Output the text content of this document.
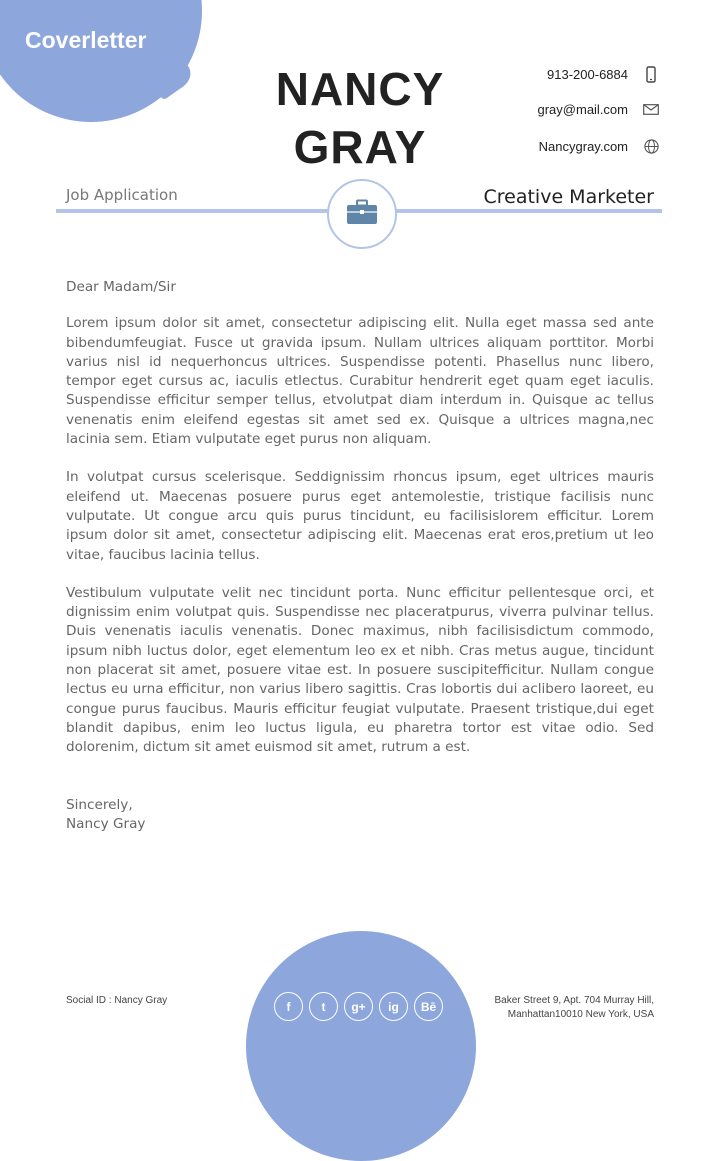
Coverletter
NANCY
GRAY
913-200-6884
gray@mail.com
Nancygray.com
Job Application	Creative Marketer

Dear Madam/Sir

Lorem ipsum dolor sit amet, consectetur adipiscing elit. Nulla eget massa sed ante bibendumfeugiat. Fusce ut gravida ipsum. Nullam ultrices aliquam porttitor. Morbi varius nisl id nequerhoncus ultrices. Suspendisse potenti. Phasellus nunc libero, tempor eget cursus ac, iaculis etlectus. Curabitur hendrerit eget quam eget iaculis. Suspendisse efficitur semper tellus, etvolutpat diam interdum in. Quisque ac tellus venenatis enim eleifend egestas sit amet sed ex. Quisque a ultrices magna,nec lacinia sem. Etiam vulputate eget purus non aliquam.

In volutpat cursus scelerisque. Seddignissim rhoncus ipsum, eget ultrices mauris eleifend ut. Maecenas posuere purus eget antemolestie, tristique facilisis nunc vulputate. Ut congue arcu quis purus tincidunt, eu facilisislorem efficitur. Lorem ipsum dolor sit amet, consectetur adipiscing elit. Maecenas erat eros,pretium ut leo vitae, faucibus lacinia tellus.

Vestibulum vulputate velit nec tincidunt porta. Nunc efficitur pellentesque orci, et dignissim enim volutpat quis. Suspendisse nec placeratpurus, viverra pulvinar tellus. Duis venenatis iaculis venenatis. Donec maximus, nibh facilisisdictum commodo, ipsum nibh luctus dolor, eget elementum leo ex et nibh. Cras metus augue, tincidunt non placerat sit amet, posuere vitae est. In posuere suscipitefficitur. Nullam congue lectus eu urna efficitur, non varius libero sagittis. Cras lobortis dui aclibero laoreet, eu congue purus faucibus. Mauris efficitur feugiat vulputate. Praesent tristique,dui eget blandit dapibus, enim leo luctus ligula, eu pharetra tortor est vitae odio. Sed dolorenim, dictum sit amet euismod sit amet, rutrum a est.

Sincerely,
Nancy Gray
Social ID : Nancy Gray	f	t	g+	ig	Bē	Baker Street 9, Apt. 704 Murray Hill,
Manhattan10010 New York, USA
